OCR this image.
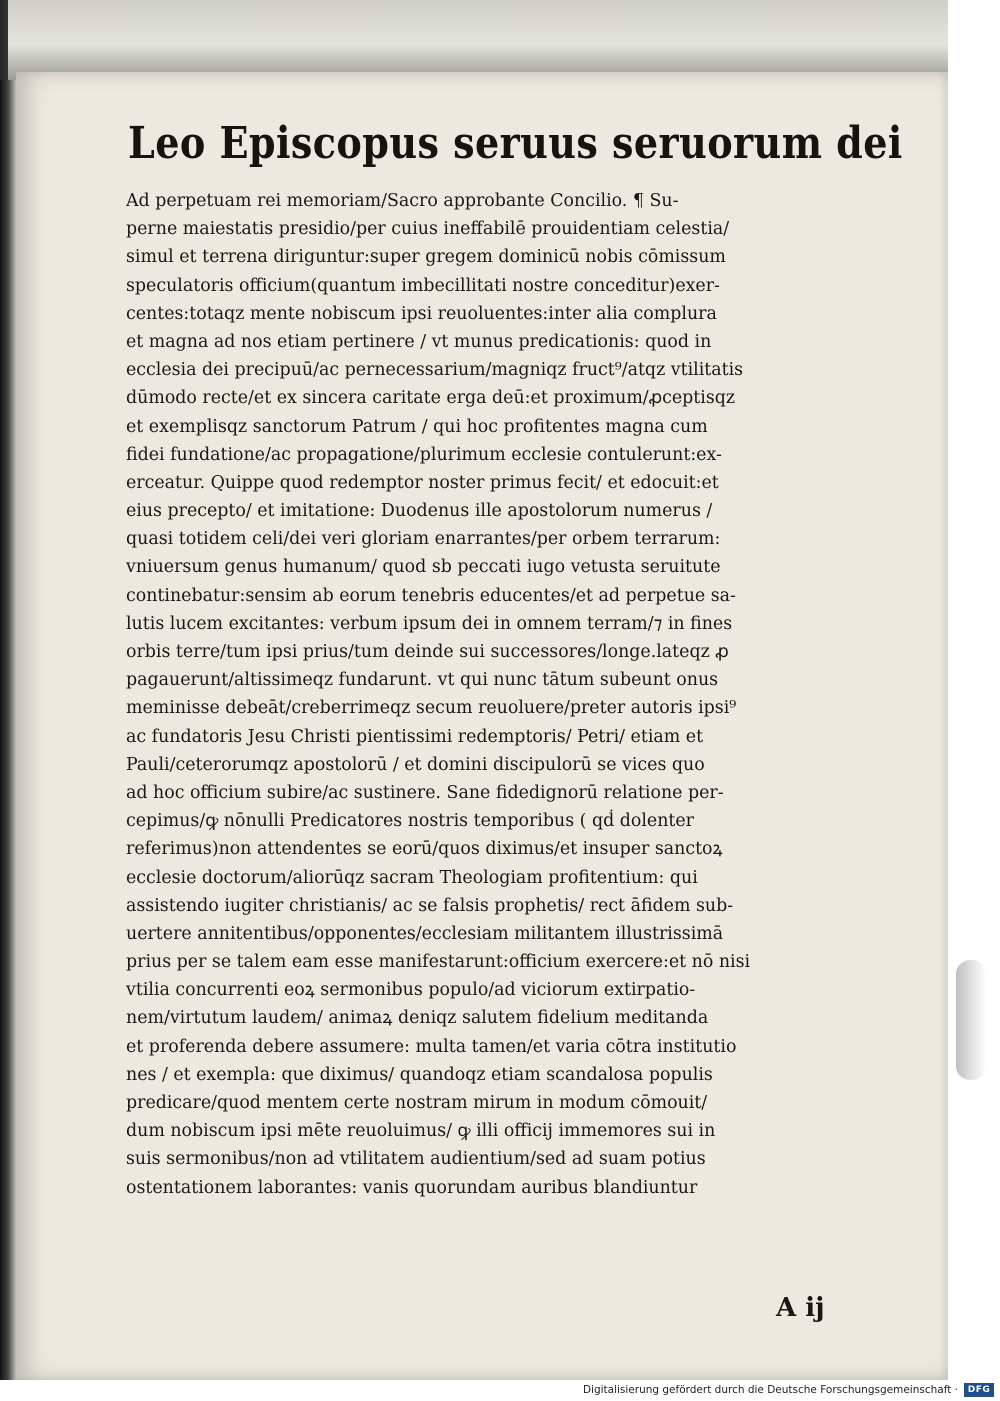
Leo Episcopus seruus seruorum dei
Ad perpetuam rei memoriam/Sacro approbante Concilio. ¶ Su-
perne maiestatis presidio/per cuius ineffabilē prouidentiam celestia/
simul et terrena diriguntur:super gregem dominicū nobis cōmissum
speculatoris officium(quantum imbecillitati nostre conceditur)exer-
centes:totaqz mente nobiscum ipsi reuoluentes:inter alia complura
et magna ad nos etiam pertinere / vt munus predicationis: quod in
ecclesia dei precipuū/ac pernecessarium/magniqz fruct⁹/atqz vtilitatis
dūmodo recte/et ex sincera caritate erga deū:et proximum/ꝓceptisqz
et exemplisqz sanctorum Patrum / qui hoc profitentes magna cum
fidei fundatione/ac propagatione/plurimum ecclesie contulerunt:ex-
erceatur. Quippe quod redemptor noster primus fecit/ et edocuit:et
eius precepto/ et imitatione: Duodenus ille apostolorum numerus /
quasi totidem celi/dei veri gloriam enarrantes/per orbem terrarum:
vniuersum genus humanum/ quod sb peccati iugo vetusta seruitute
continebatur:sensim ab eorum tenebris educentes/et ad perpetue sa-
lutis lucem excitantes: verbum ipsum dei in omnem terram/⁊ in fines
orbis terre/tum ipsi prius/tum deinde sui successores/longe.lateqz ꝓ
pagauerunt/altissimeqz fundarunt. vt qui nunc tātum subeunt onus
meminisse debeāt/creberrimeqz secum reuoluere/preter autoris ipsi⁹
ac fundatoris Jesu Christi pientissimi redemptoris/ Petri/ etiam et
Pauli/ceterorumqz apostolorū / et domini discipulorū se vices quo
ad hoc officium subire/ac sustinere. Sane fidedignorū relatione per-
cepimus/ꝙ nōnulli Predicatores nostris temporibus ( qḋ dolenter
referimus)non attendentes se eorū/quos diximus/et insuper sanctoꝝ
ecclesie doctorum/aliorūqz sacram Theologiam profitentium: qui
assistendo iugiter christianis/ ac se falsis prophetis/ rect āfidem sub-
uertere annitentibus/opponentes/ecclesiam militantem illustrissimā
prius per se talem eam esse manifestarunt:officium exercere:et nō nisi
vtilia concurrenti eoꝝ sermonibus populo/ad viciorum extirpatio-
nem/virtutum laudem/ animaꝝ deniqz salutem fidelium meditanda
et proferenda debere assumere: multa tamen/et varia cōtra institutio
nes / et exempla: que diximus/ quandoqz etiam scandalosa populis
predicare/quod mentem certe nostram mirum in modum cōmouit/
dum nobiscum ipsi mēte reuoluimus/ ꝙ illi officij immemores sui in
suis sermonibus/non ad vtilitatem audientium/sed ad suam potius
ostentationem laborantes: vanis quorundam auribus blandiuntur
A ij
Digitalisierung gefördert durch die Deutsche Forschungsgemeinschaft ·	DFG
